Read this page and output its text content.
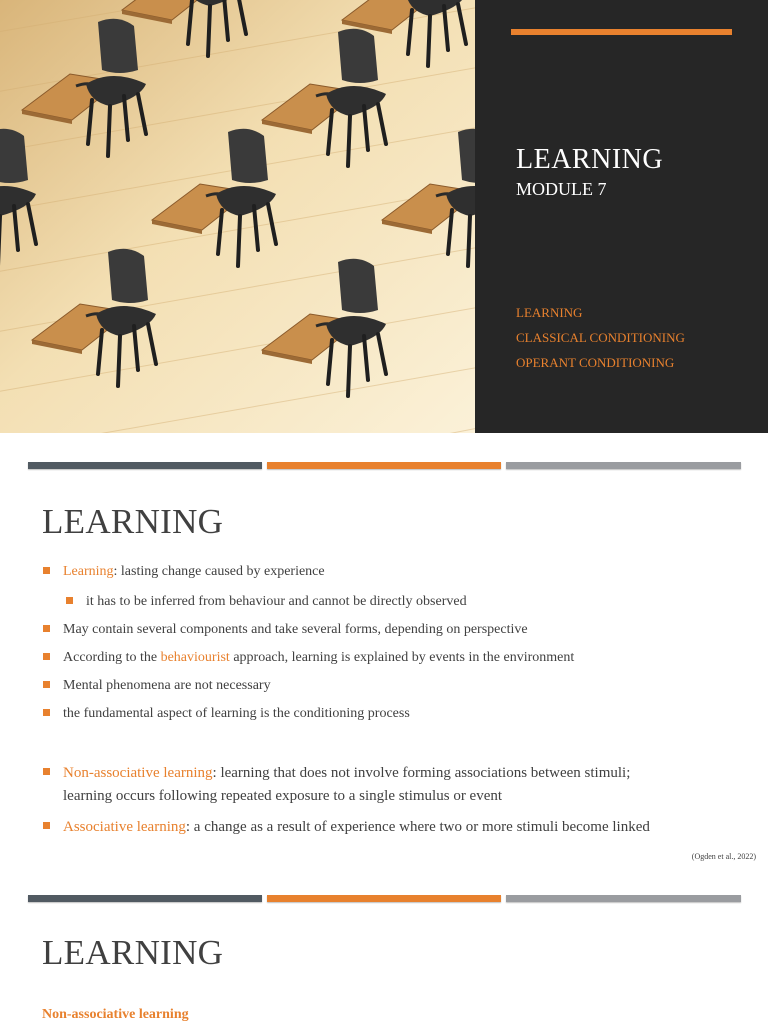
LEARNING
MODULE 7
LEARNING
CLASSICAL CONDITIONING
OPERANT CONDITIONING
LEARNING
Learning: lasting change caused by experience
it has to be inferred from behaviour and cannot be directly observed
May contain several components and take several forms, depending on perspective
According to the behaviourist approach, learning is explained by events in the environment
Mental phenomena are not necessary
the fundamental aspect of learning is the conditioning process
Non-associative learning: learning that does not involve forming associations between stimuli;
learning occurs following repeated exposure to a single stimulus or event
Associative learning: a change as a result of experience where two or more stimuli become linked
(Ogden et al., 2022)
LEARNING
Non-associative learning
